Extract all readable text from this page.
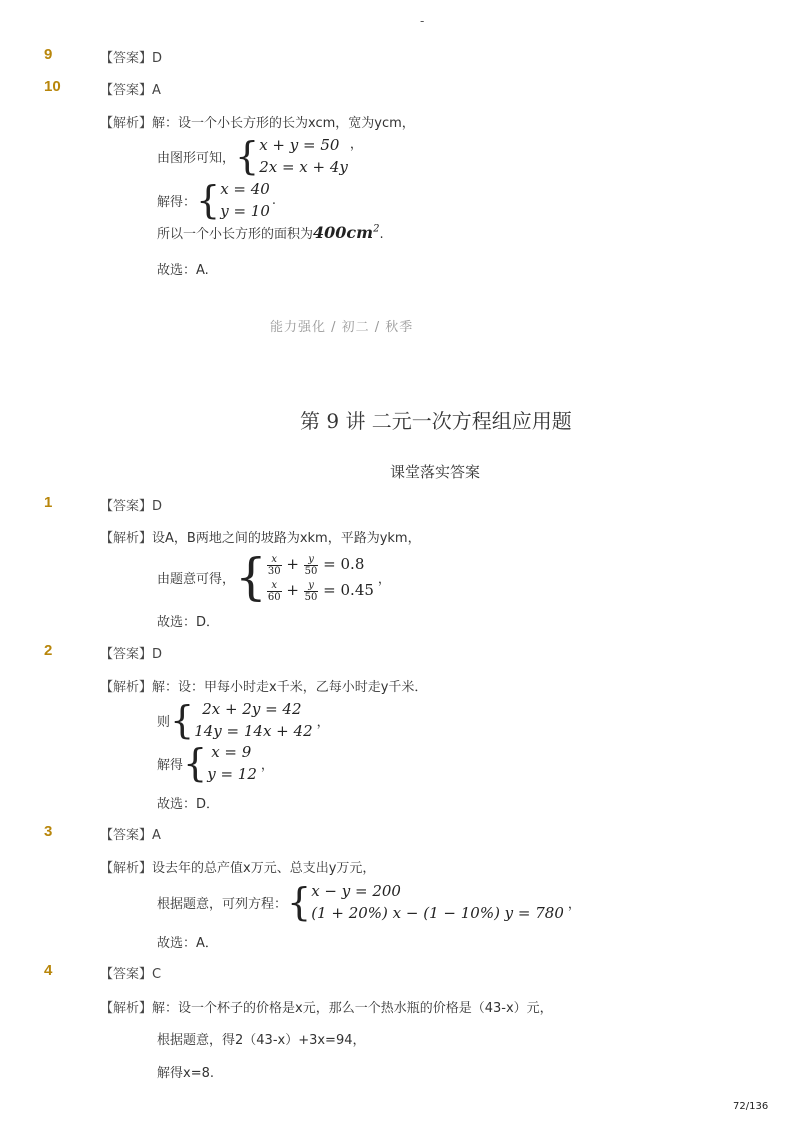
-
9	【答案】D
10	【答案】A
【解析】解：设一个小长方形的长为xcm，宽为ycm，
由图形可知， { x + y = 50
2x = x + 4y
，
解得： { x = 40
y = 10
.
所以一个小长方形的面积为$400cm^2$.
故选：A.
能力强化 / 初二 / 秋季
第 9 讲 二元一次方程组应用题
课堂落实答案
1	【答案】D
【解析】设A，B两地之间的坡路为xkm，平路为ykm，
由题意可得， { $\frac{x}{30} + \frac{y}{50} = 0.8$
$\frac{x}{60} + \frac{y}{50} = 0.45$
，
故选：D．
2	【答案】D
【解析】解：设：甲每小时走x千米，乙每小时走y千米．
则 { 2x + 2y = 42
14y = 14x + 42 ，
解得 { x = 9
y = 12 ，
故选：D．
3	【答案】A
【解析】设去年的总产值x万元、总支出y万元，
根据题意，可列方程： { x − y = 200
(1 + 20%) x − (1 − 10%) y = 780 ，
故选：A．
4	【答案】C
【解析】解：设一个杯子的价格是x元，那么一个热水瓶的价格是（43-x）元，
根据题意，得2（43-x）+3x=94，
解得x=8.
72/136
